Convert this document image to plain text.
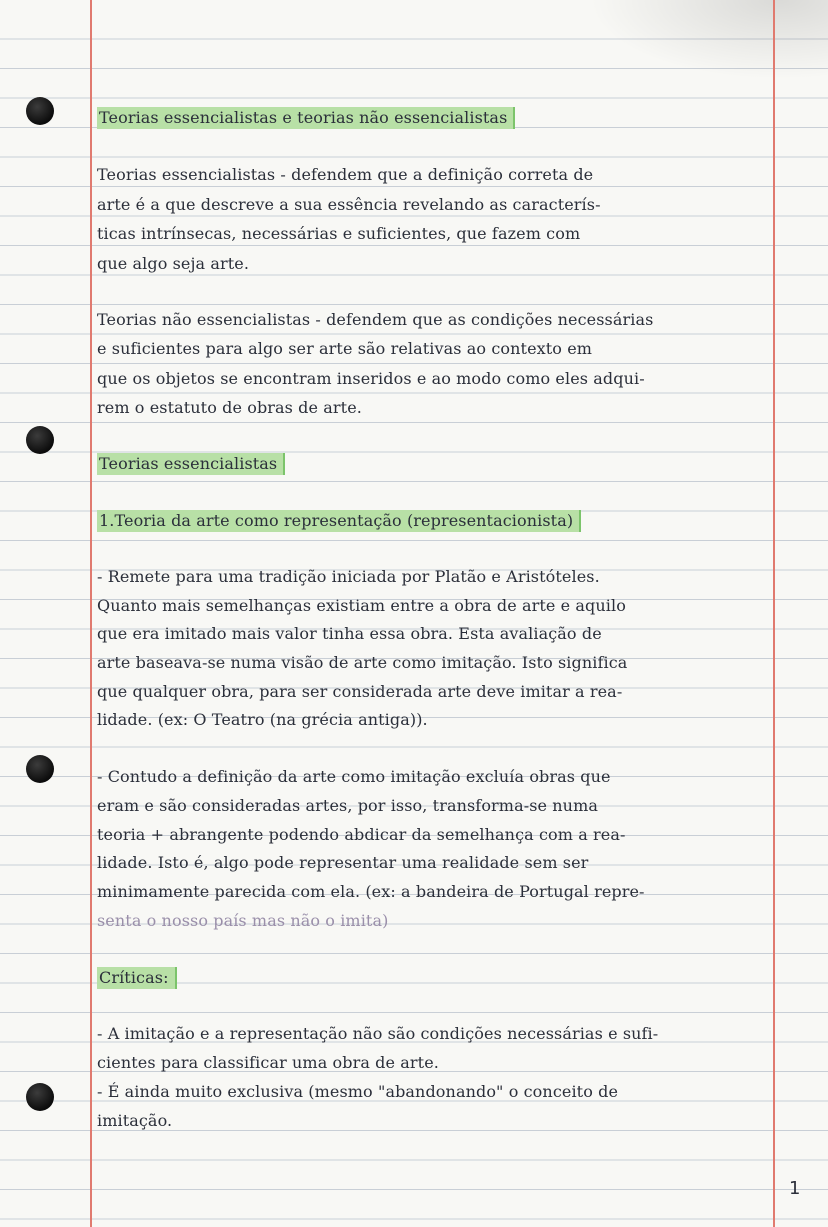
Teorias essencialistas e teorias não essencialistas
Teorias essencialistas - defendem que a definição correta de
arte é a que descreve a sua essência revelando as caracterís-
ticas intrínsecas, necessárias e suficientes, que fazem com
que algo seja arte.
Teorias não essencialistas - defendem que as condições necessárias
e suficientes para algo ser arte são relativas ao contexto em
que os objetos se encontram inseridos e ao modo como eles adqui-
rem o estatuto de obras de arte.
Teorias essencialistas
1.Teoria da arte como representação (representacionista)
- Remete para uma tradição iniciada por Platão e Aristóteles.
Quanto mais semelhanças existiam entre a obra de arte e aquilo
que era imitado mais valor tinha essa obra. Esta avaliação de
arte baseava-se numa visão de arte como imitação. Isto significa
que qualquer obra, para ser considerada arte deve imitar a rea-
lidade. (ex: O Teatro (na grécia antiga)).
- Contudo a definição da arte como imitação excluía obras que
eram e são consideradas artes, por isso, transforma-se numa
teoria + abrangente podendo abdicar da semelhança com a rea-
lidade. Isto é, algo pode representar uma realidade sem ser
minimamente parecida com ela. (ex: a bandeira de Portugal repre-
senta o nosso país mas não o imita)
Críticas:
- A imitação e a representação não são condições necessárias e sufi-
cientes para classificar uma obra de arte.
- É ainda muito exclusiva (mesmo "abandonando" o conceito de
imitação.
1
